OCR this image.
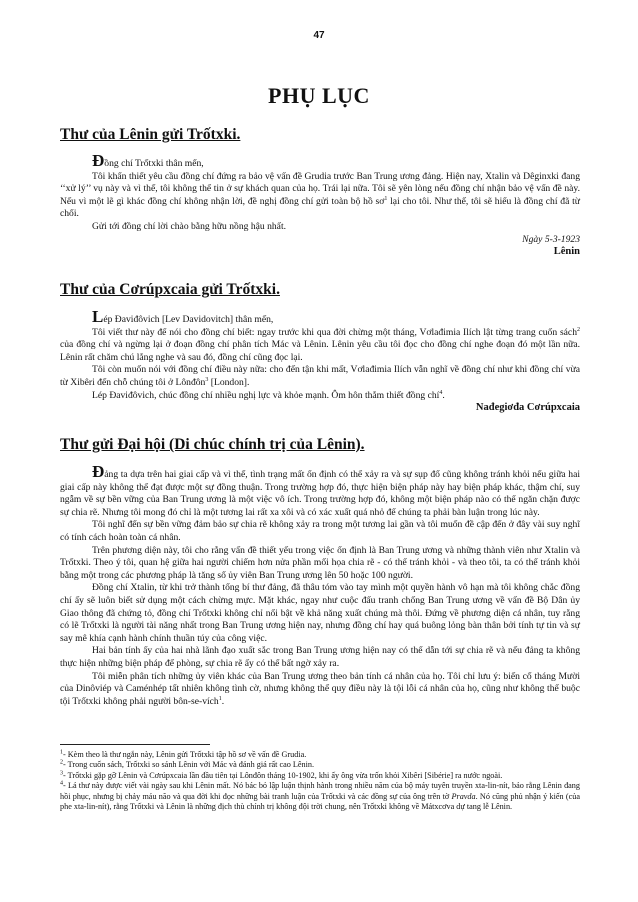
47
PHỤ LỤC
Thư của Lênin gửi Trốtxki.

Đồng chí Trốtxki thân mến,

Tôi khẩn thiết yêu cầu đồng chí đứng ra bảo vệ vấn đề Grudia trước Ban Trung ương đảng. Hiện nay, Xtalin và Dêginxki đang ‘‘xử lý’’ vụ này và vì thế, tôi không thể tin ở sự khách quan của họ. Trái lại nữa. Tôi sẽ yên lòng nếu đồng chí nhận bảo vệ vấn đề này. Nếu vì một lẽ gì khác đồng chí không nhận lời, đề nghị đồng chí gửi toàn bộ hồ $sơ^1$ lại cho tôi. Như thế, tôi sẽ hiểu là đồng chí đã từ chối.

Gửi tới đồng chí lời chào bằng hữu nồng hậu nhất.

Ngày 5-3-1923

Lênin

Thư của Cơrúpxcaia gửi Trốtxki.

Lép Đaviđôvich [Lev Davidovitch] thân mến,

Tôi viết thư này để nói cho đồng chí biết: ngay trước khi qua đời chừng một tháng, Vơlađimia Ilích lật từng trang cuốn sách$^2$ của đồng chí và ngừng lại ở đoạn đồng chí phân tích Mác và Lênin. Lênin yêu cầu tôi đọc cho đồng chí nghe đoạn đó một lần nữa. Lênin rất chăm chú lắng nghe và sau đó, đồng chí cũng đọc lại.

Tôi còn muốn nói với đồng chí điều này nữa: cho đến tận khi mất, Vơlađimia Ilích vẫn nghĩ về đồng chí như khi đồng chí vừa từ Xibêri đến chỗ chúng tôi ở Lônđôn$^3$ [London].

Lép Đaviđôvich, chúc đồng chí nhiều nghị lực và khỏe mạnh. Ôm hôn thắm thiết đồng chí$^4$.

Nađegiơđa Cơrúpxcaia

Thư gửi Đại hội (Di chúc chính trị của Lênin).

Đảng ta dựa trên hai giai cấp và vì thế, tình trạng mất ổn định có thể xảy ra và sự sụp đổ cũng không tránh khỏi nếu giữa hai giai cấp này không thể đạt được một sự đồng thuận. Trong trường hợp đó, thực hiện biện pháp này hay biện pháp khác, thậm chí, suy ngẫm về sự bền vững của Ban Trung ương là một việc vô ích. Trong trường hợp đó, không một biện pháp nào có thể ngăn chặn được sự chia rẽ. Nhưng tôi mong đó chỉ là một tương lai rất xa xôi và có xác xuất quá nhỏ để chúng ta phải bàn luận trong lúc này.

Tôi nghĩ đến sự bền vững đảm bảo sự chia rẽ không xảy ra trong một tương lai gần và tôi muốn đề cập đến ở đây vài suy nghĩ có tính cách hoàn toàn cá nhân.

Trên phương diện này, tôi cho rằng vấn đề thiết yếu trong việc ổn định là Ban Trung ương và những thành viên như Xtalin và Trốtxki. Theo ý tôi, quan hệ giữa hai người chiếm hơn nửa phần mối họa chia rẽ - có thể tránh khỏi - và theo tôi, ta có thể tránh khỏi bằng một trong các phương pháp là tăng số ủy viên Ban Trung ương lên 50 hoặc 100 người.

Đồng chí Xtalin, từ khi trở thành tổng bí thư đảng, đã thâu tóm vào tay mình một quyền hành vô hạn mà tôi không chắc đồng chí ấy sẽ luôn biết sử dụng một cách chừng mực. Mặt khác, ngay như cuộc đấu tranh chống Ban Trung ương về vấn đề Bộ Dân ủy Giao thông đã chứng tỏ, đồng chí Trốtxki không chỉ nổi bật về khả năng xuất chúng mà thôi. Đứng về phương diện cá nhân, tuy rằng có lẽ Trốtxki là người tài năng nhất trong Ban Trung ương hiện nay, nhưng đồng chí hay quá buông lỏng bàn thân bởi tính tự tin và sự say mê khía cạnh hành chính thuần túy của công việc.

Hai bản tính ấy của hai nhà lãnh đạo xuất sắc trong Ban Trung ương hiện nay có thể dẫn tới sự chia rẽ và nếu đảng ta không thực hiện những biện pháp để phòng, sự chia rẽ ấy có thể bất ngờ xảy ra.

Tôi miễn phân tích những ủy viên khác của Ban Trung ương theo bản tính cá nhân của họ. Tôi chỉ lưu ý: biến cố tháng Mười của Dinôviép và Caménhép tất nhiên không tình cờ, nhưng không thể quy điều này là tội lỗi cá nhân của họ, cũng như không thể buộc tội Trốtxki không phải người bôn-se-vích$^1$.

$^1$- Kèm theo là thư ngắn này, Lênin gửi Trốtxki tập hồ sơ về vấn đề Grudia.

$^2$- Trong cuốn sách, Trốtxki so sánh Lênin với Mác và đánh giá rất cao Lênin.

$^3$- Trốtxki gặp gỡ Lênin và Cơrúpxcaia lần đầu tiên tại Lônđôn tháng 10-1902, khi ấy ông vừa trốn khỏi Xibêri [Sibérie] ra nước ngoài.

$^4$- Lá thư này được viết vài ngày sau khi Lênin mất. Nó bác bỏ lập luận thịnh hành trong nhiều năm của bộ máy tuyên truyền xta-lin-nít, bảo rằng Lênin đang hồi phục, nhưng bị chảy máu não và qua đời khi đọc những bài tranh luận của Trốtxki và các đồng sự của ông trên tờ Pravda. Nó cũng phủ nhận ý kiến (của phe xta-lin-nít), rằng Trốtxki và Lênin là những địch thù chính trị không đội trời chung, nên Trốtxki không về Mátxcơva dự tang lễ Lênin.
